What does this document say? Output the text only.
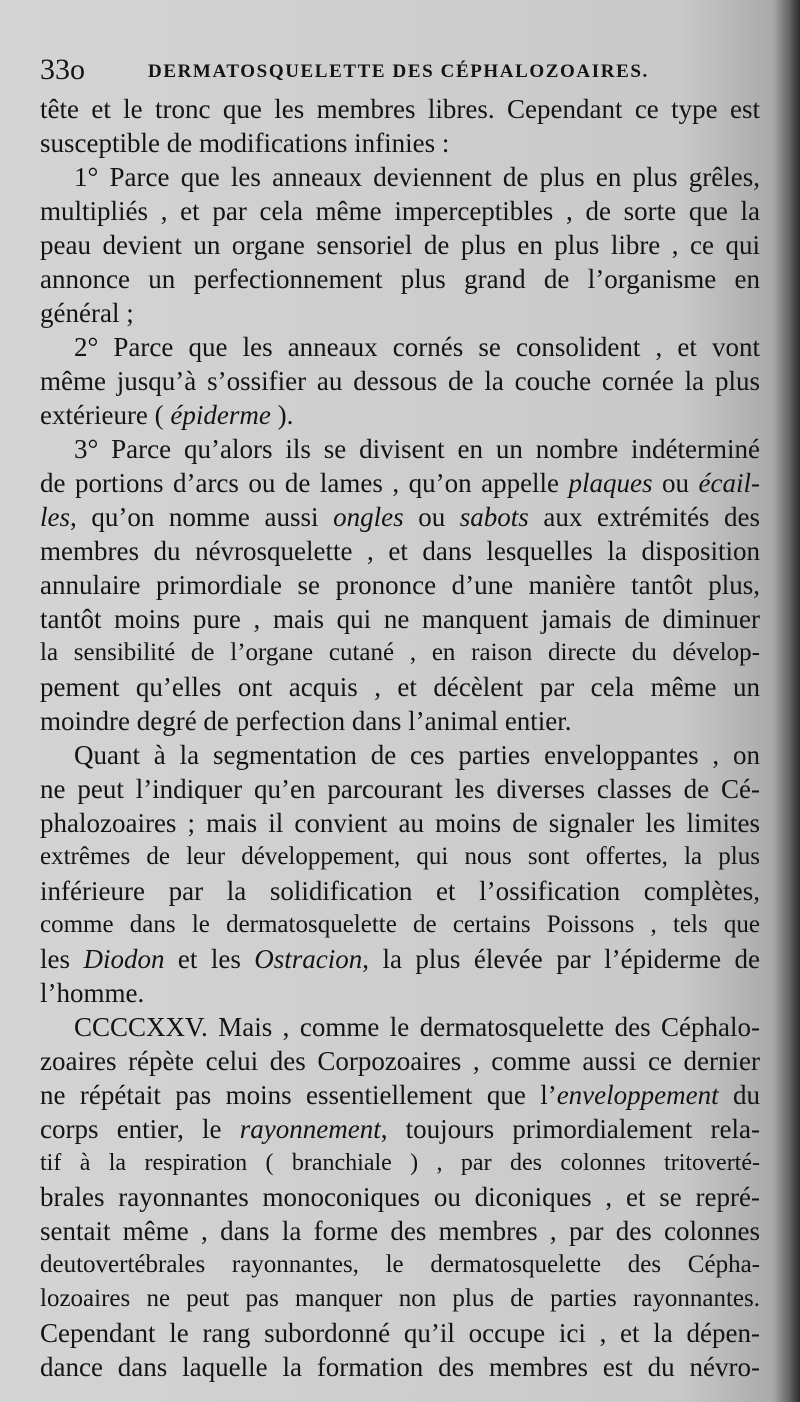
33o	DERMATOSQUELETTE DES CÉPHALOZOAIRES.
tête et le tronc que les membres libres. Cependant ce type est
susceptible de modifications infinies :
1° Parce que les anneaux deviennent de plus en plus grêles,
multipliés , et par cela même imperceptibles , de sorte que la
peau devient un organe sensoriel de plus en plus libre , ce qui
annonce un perfectionnement plus grand de l’organisme en
général ;
2° Parce que les anneaux cornés se consolident , et vont
même jusqu’à s’ossifier au dessous de la couche cornée la plus
extérieure ( épiderme ).
3° Parce qu’alors ils se divisent en un nombre indéterminé
de portions d’arcs ou de lames , qu’on appelle plaques ou écail-
les, qu’on nomme aussi ongles ou sabots aux extrémités des
membres du névrosquelette , et dans lesquelles la disposition
annulaire primordiale se prononce d’une manière tantôt plus,
tantôt moins pure , mais qui ne manquent jamais de diminuer
la sensibilité de l’organe cutané , en raison directe du dévelop-
pement qu’elles ont acquis , et décèlent par cela même un
moindre degré de perfection dans l’animal entier.
Quant à la segmentation de ces parties enveloppantes , on
ne peut l’indiquer qu’en parcourant les diverses classes de Cé-
phalozoaires ; mais il convient au moins de signaler les limites
extrêmes de leur développement, qui nous sont offertes, la plus
inférieure par la solidification et l’ossification complètes,
comme dans le dermatosquelette de certains Poissons , tels que
les Diodon et les Ostracion, la plus élevée par l’épiderme de
l’homme.
CCCCXXV. Mais , comme le dermatosquelette des Céphalo-
zoaires répète celui des Corpozoaires , comme aussi ce dernier
ne répétait pas moins essentiellement que l’enveloppement du
corps entier, le rayonnement, toujours primordialement rela-
tif à la respiration ( branchiale ) , par des colonnes tritoverté-
brales rayonnantes monoconiques ou diconiques , et se repré-
sentait même , dans la forme des membres , par des colonnes
deutovertébrales rayonnantes, le dermatosquelette des Cépha-
lozoaires ne peut pas manquer non plus de parties rayonnantes.
Cependant le rang subordonné qu’il occupe ici , et la dépen-
dance dans laquelle la formation des membres est du névro-
